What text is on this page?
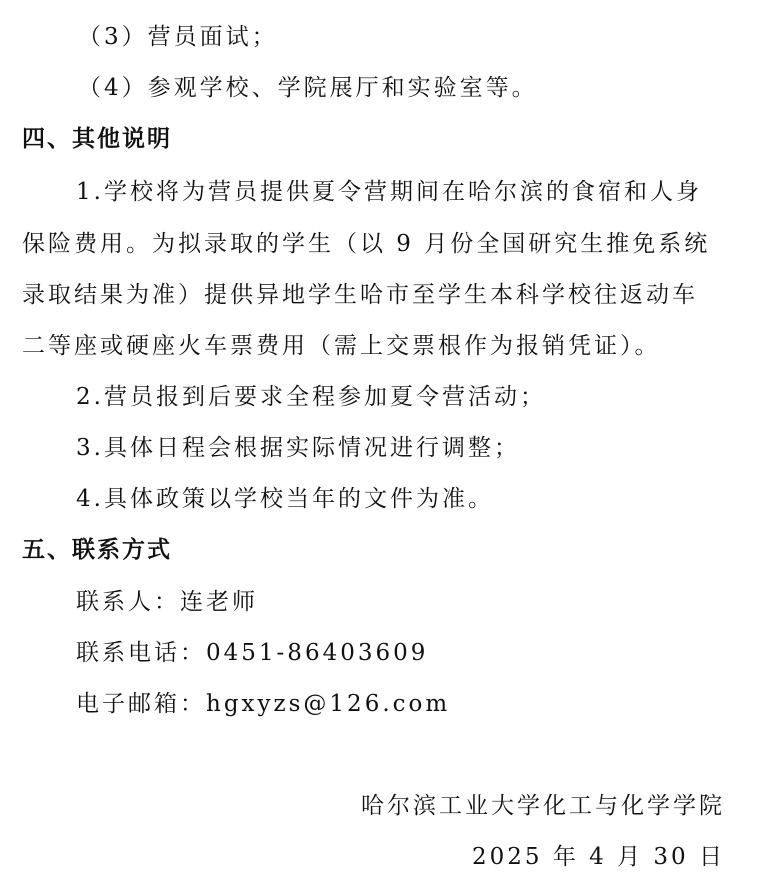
（3）营员面试；
（4）参观学校、学院展厅和实验室等。
四、其他说明
1.学校将为营员提供夏令营期间在哈尔滨的食宿和人身
保险费用。为拟录取的学生（以 9 月份全国研究生推免系统
录取结果为准）提供异地学生哈市至学生本科学校往返动车
二等座或硬座火车票费用（需上交票根作为报销凭证）。
2.营员报到后要求全程参加夏令营活动；
3.具体日程会根据实际情况进行调整；
4.具体政策以学校当年的文件为准。
五、联系方式
联系人：连老师
联系电话：0451-86403609
电子邮箱：hgxyzs@126.com
哈尔滨工业大学化工与化学学院
2025 年 4 月 30 日
